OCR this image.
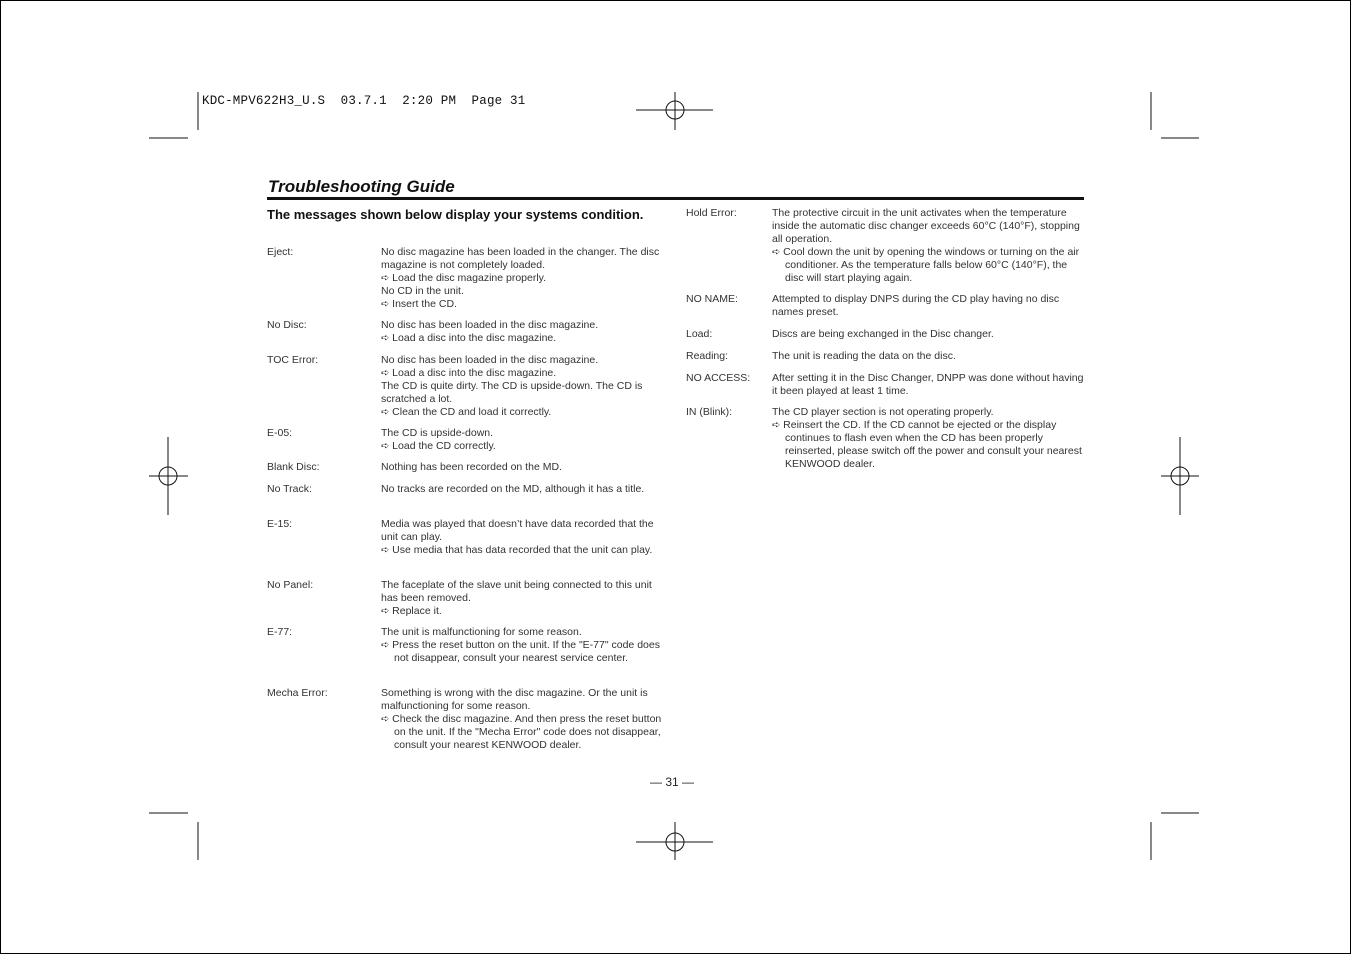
KDC-MPV622H3_U.S  03.7.1  2:20 PM  Page 31
Troubleshooting Guide
The messages shown below display your systems condition.
Eject:	No disc magazine has been loaded in the changer. The disc magazine is not completely loaded.
➪ Load the disc magazine properly.
No CD in the unit.
➪ Insert the CD.
No Disc:	No disc has been loaded in the disc magazine.
➪ Load a disc into the disc magazine.
TOC Error:	No disc has been loaded in the disc magazine.
➪ Load a disc into the disc magazine.
The CD is quite dirty. The CD is upside-down. The CD is scratched a lot.
➪ Clean the CD and load it correctly.
E-05:	The CD is upside-down.
➪ Load the CD correctly.
Blank Disc:	Nothing has been recorded on the MD.
No Track:	No tracks are recorded on the MD, although it has a title.
E-15:	Media was played that doesn’t have data recorded that the unit can play.
➪ Use media that has data recorded that the unit can play.
No Panel:	The faceplate of the slave unit being connected to this unit has been removed.
➪ Replace it.
E-77:	The unit is malfunctioning for some reason.
➪ Press the reset button on the unit. If the "E-77" code does not disappear, consult your nearest service center.
Mecha Error:	Something is wrong with the disc magazine. Or the unit is malfunctioning for some reason.
➪ Check the disc magazine. And then press the reset button on the unit. If the "Mecha Error" code does not disappear, consult your nearest KENWOOD dealer.
Hold Error:	The protective circuit in the unit activates when the temperature inside the automatic disc changer exceeds 60°C (140°F), stopping all operation.
➪ Cool down the unit by opening the windows or turning on the air conditioner. As the temperature falls below 60°C (140°F), the disc will start playing again.
NO NAME:	Attempted to display DNPS during the CD play having no disc names preset.
Load:	Discs are being exchanged in the Disc changer.
Reading:	The unit is reading the data on the disc.
NO ACCESS:	After setting it in the Disc Changer, DNPP was done without having it been played at least 1 time.
IN (Blink):	The CD player section is not operating properly.
➪ Reinsert the CD. If the CD cannot be ejected or the display continues to flash even when the CD has been properly reinserted, please switch off the power and consult your nearest KENWOOD dealer.
— 31 —
